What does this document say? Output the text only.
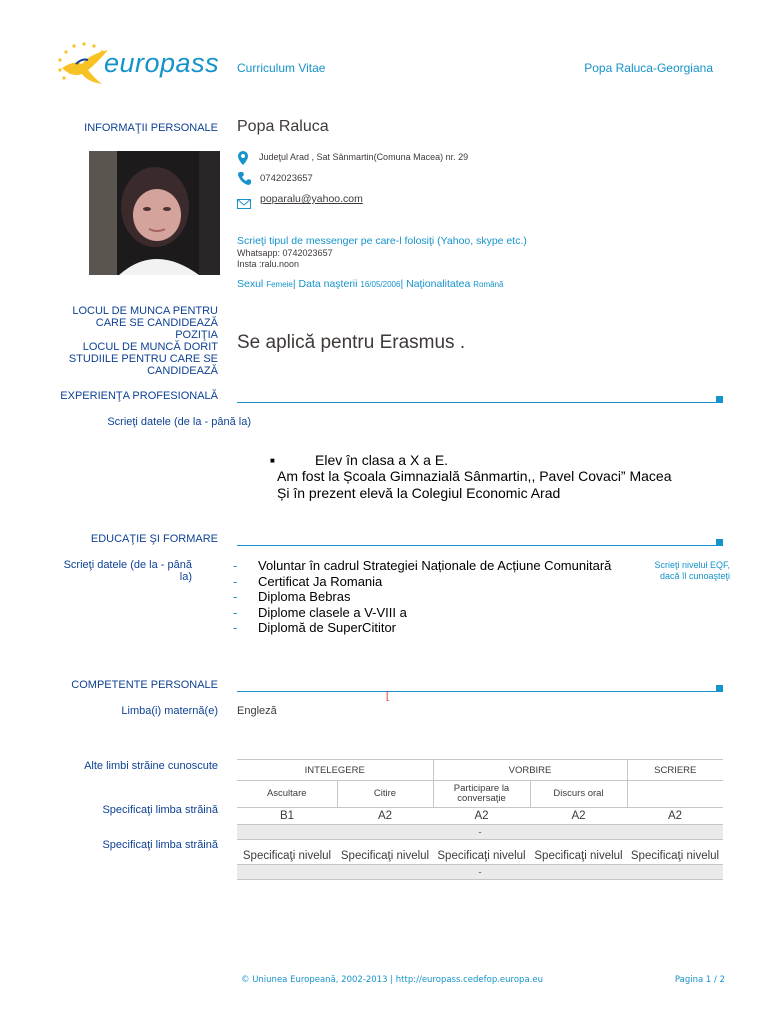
europass Curriculum Vitae	Popa Raluca-Georgiana
INFORMAŢII PERSONALE Popa Raluca
Judeţul Arad , Sat Sânmartin(Comuna Macea) nr. 29
0742023657
poparalu@yahoo.com
Scrieţi tipul de messenger pe care-l folosiţi (Yahoo, skype etc.)
Whatsapp: 0742023657
Insta :ralu.noon
Sexul Femeie| Data naşterii 16/05/2006| Naţionalitatea Română
LOCUL DE MUNCA PENTRU CARE SE CANDIDEAZĂ
POZIŢIA
LOCUL DE MUNCĂ DORIT
STUDIILE PENTRU CARE SE CANDIDEAZĂ
Se aplică pentru Erasmus .
EXPERIENŢA PROFESIONALĂ
Scrieţi datele (de la - până la)
■	Elev în clasa a X a E.
Am fost la Școala Gimnazială Sânmartin,, Pavel Covaci” Macea
Și în prezent elevă la Colegiul Economic Arad
EDUCAŢIE ŞI FORMARE
Scrieţi datele (de la - până la)
Scrieţi nivelul EQF, dacă îl cunoaşteţi
- Voluntar în cadrul Strategiei Naționale de Acțiune Comunitară
- Certificat Ja Romania
- Diploma Bebras
- Diplome clasele a V-VIII a
- Diplomă de SuperCititor
COMPETENTE PERSONALE
[
Limba(i) maternă(e) Engleză
Alte limbi străine cunoscute
Specificaţi limba străină
Specificaţi limba străină
INTELEGERE		VORBIRE		SCRIERE
Ascultare	Citire	Participare la conversaţie	Discurs oral	
B1	A2	A2	A2	A2
-				

Specificaţi nivelul	Specificaţi nivelul	Specificaţi nivelul	Specificaţi nivelul	Specificaţi nivelul
-				
© Uniunea Europeană, 2002-2013 | http://europass.cedefop.europa.eu	Pagina 1 / 2
